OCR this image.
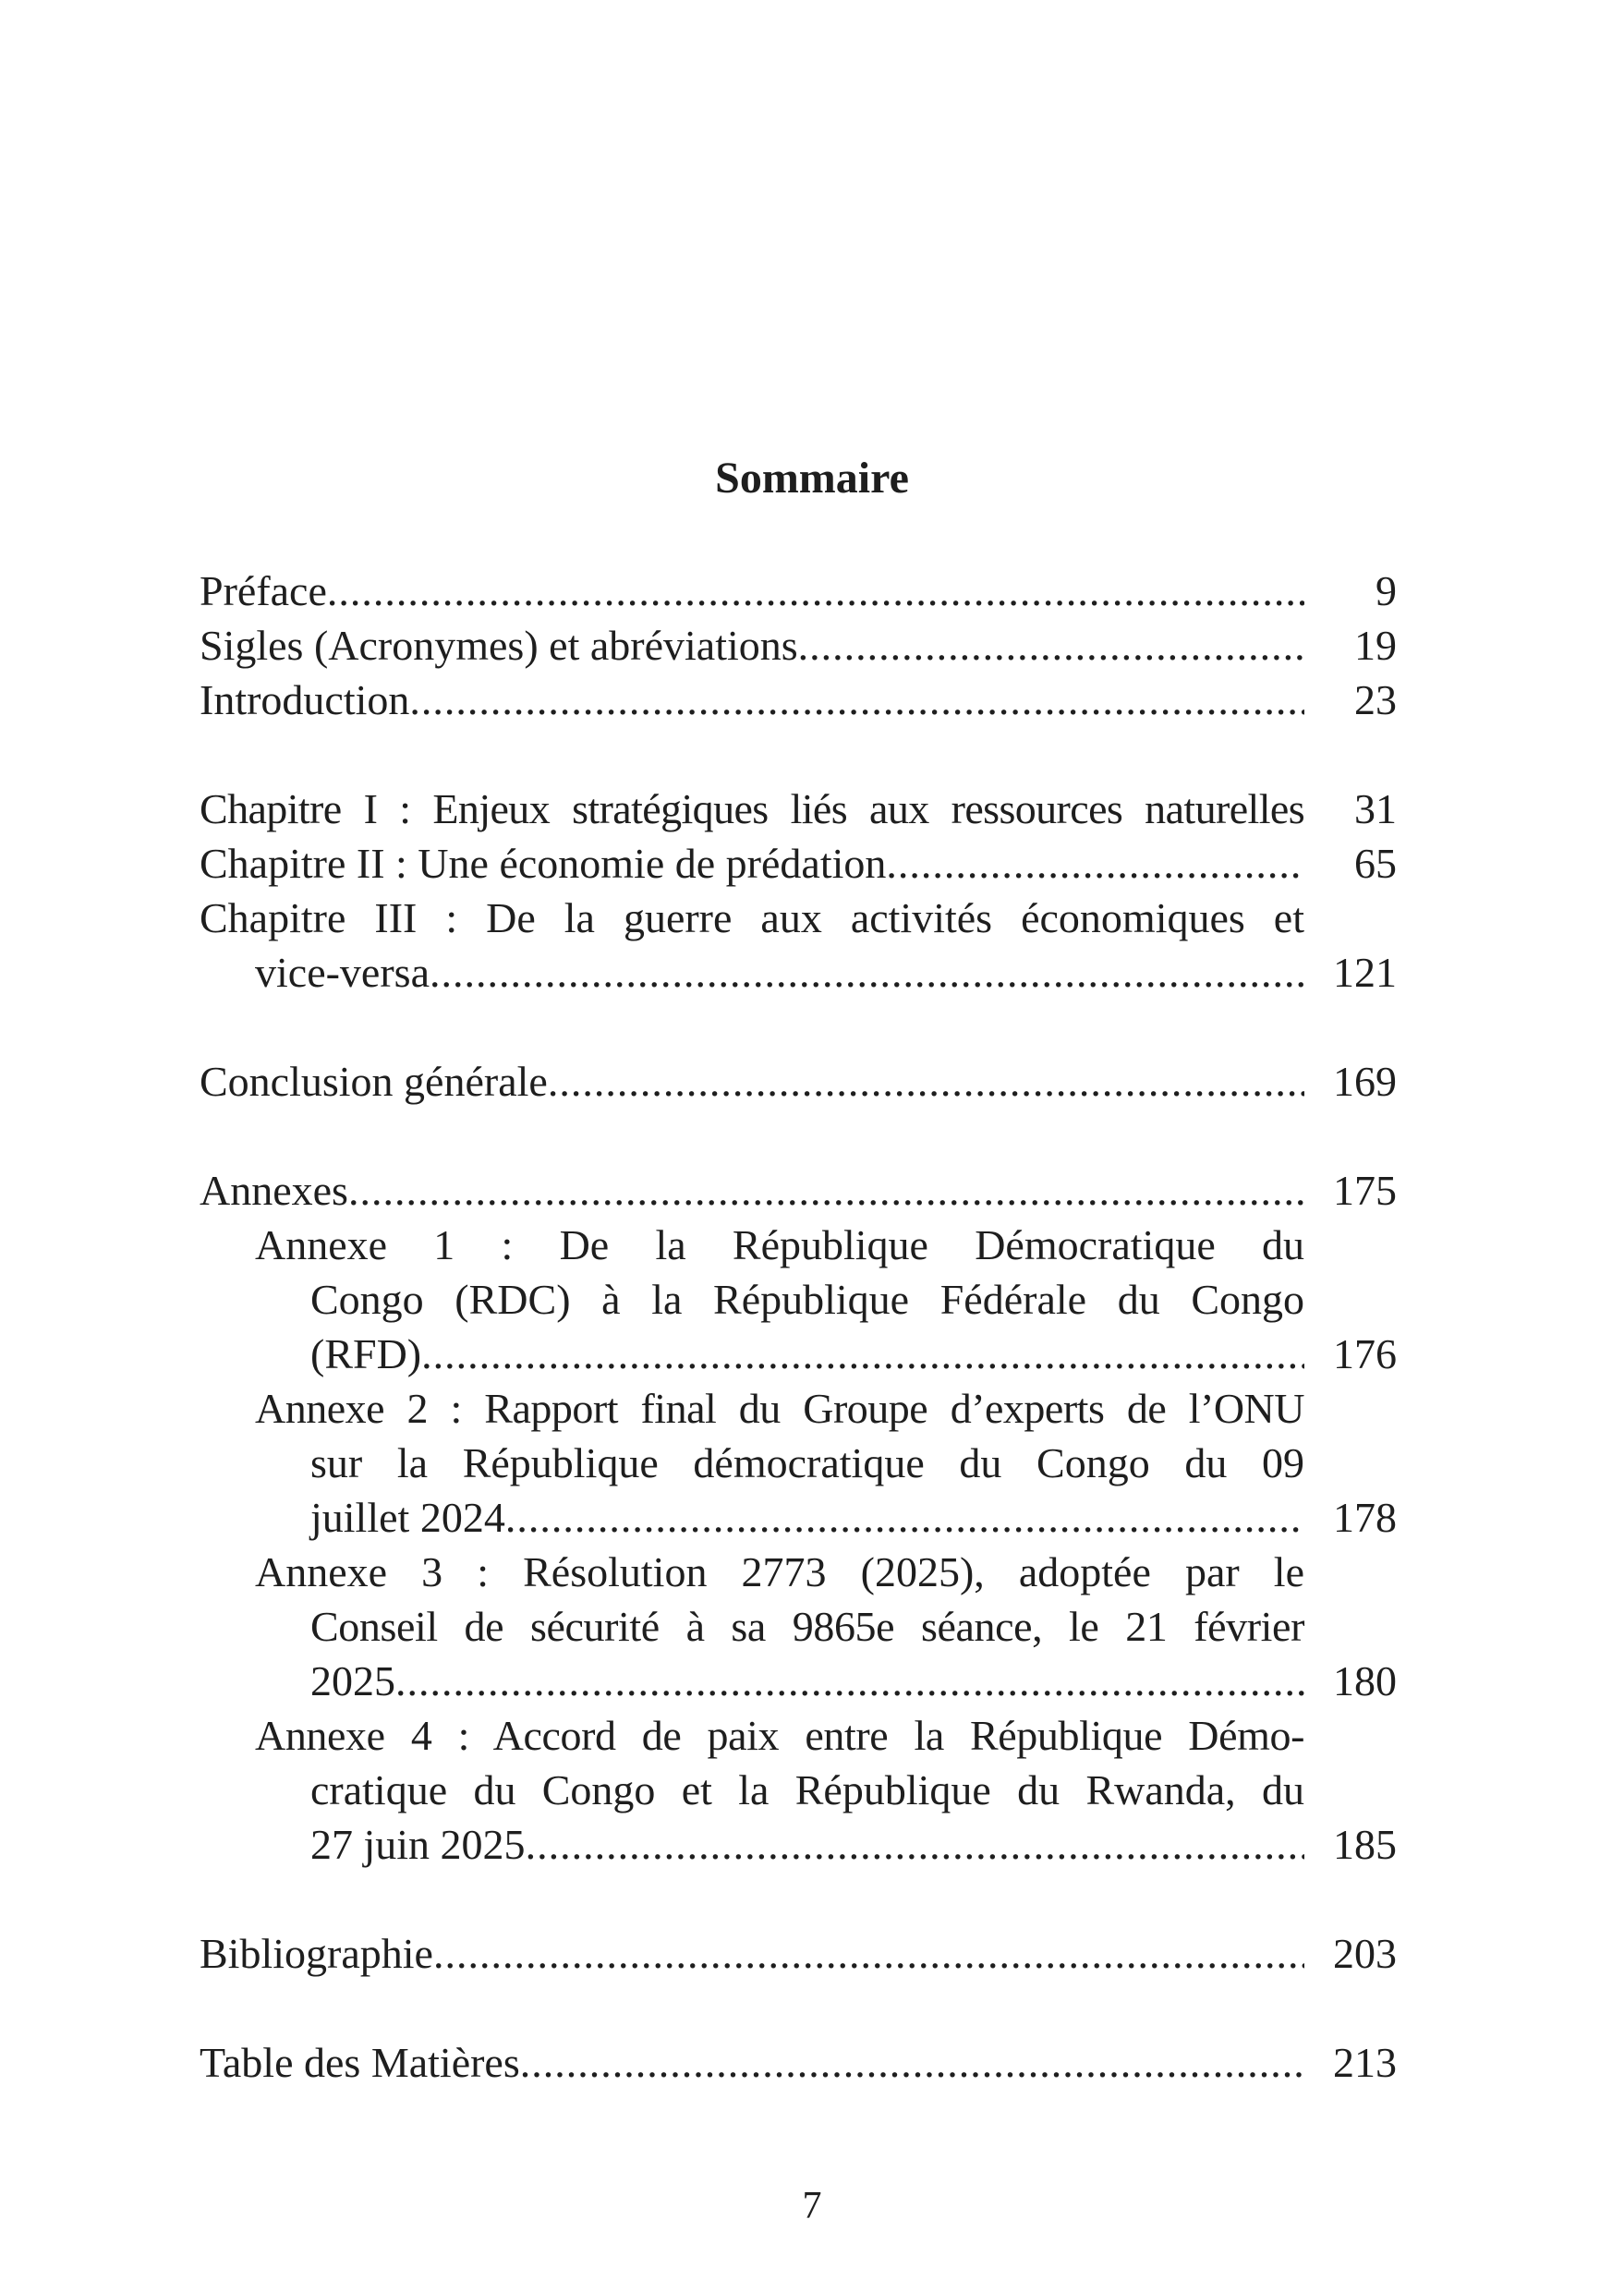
Sommaire
Préface .....	9
Sigles (Acronymes) et abréviations .....	19
Introduction .....	23
Chapitre I : Enjeux stratégiques liés aux ressources naturelles	31
Chapitre II : Une économie de prédation .....	65
Chapitre III : De la guerre aux activités économiques et
vice-versa .....	121
Conclusion générale .....	169
Annexes .....	175
Annexe 1 : De la République Démocratique du
Congo (RDC) à la République Fédérale du Congo
(RFD) .....	176
Annexe 2 : Rapport final du Groupe d’experts de l’ONU
sur la République démocratique du Congo du 09
juillet 2024 .....	178
Annexe 3 : Résolution 2773 (2025), adoptée par le
Conseil de sécurité à sa 9865e séance, le 21 février
2025 .....	180
Annexe 4 : Accord de paix entre la République Démo-
cratique du Congo et la République du Rwanda, du
27 juin 2025 .....	185
Bibliographie .....	203
Table des Matières .....	213
7
